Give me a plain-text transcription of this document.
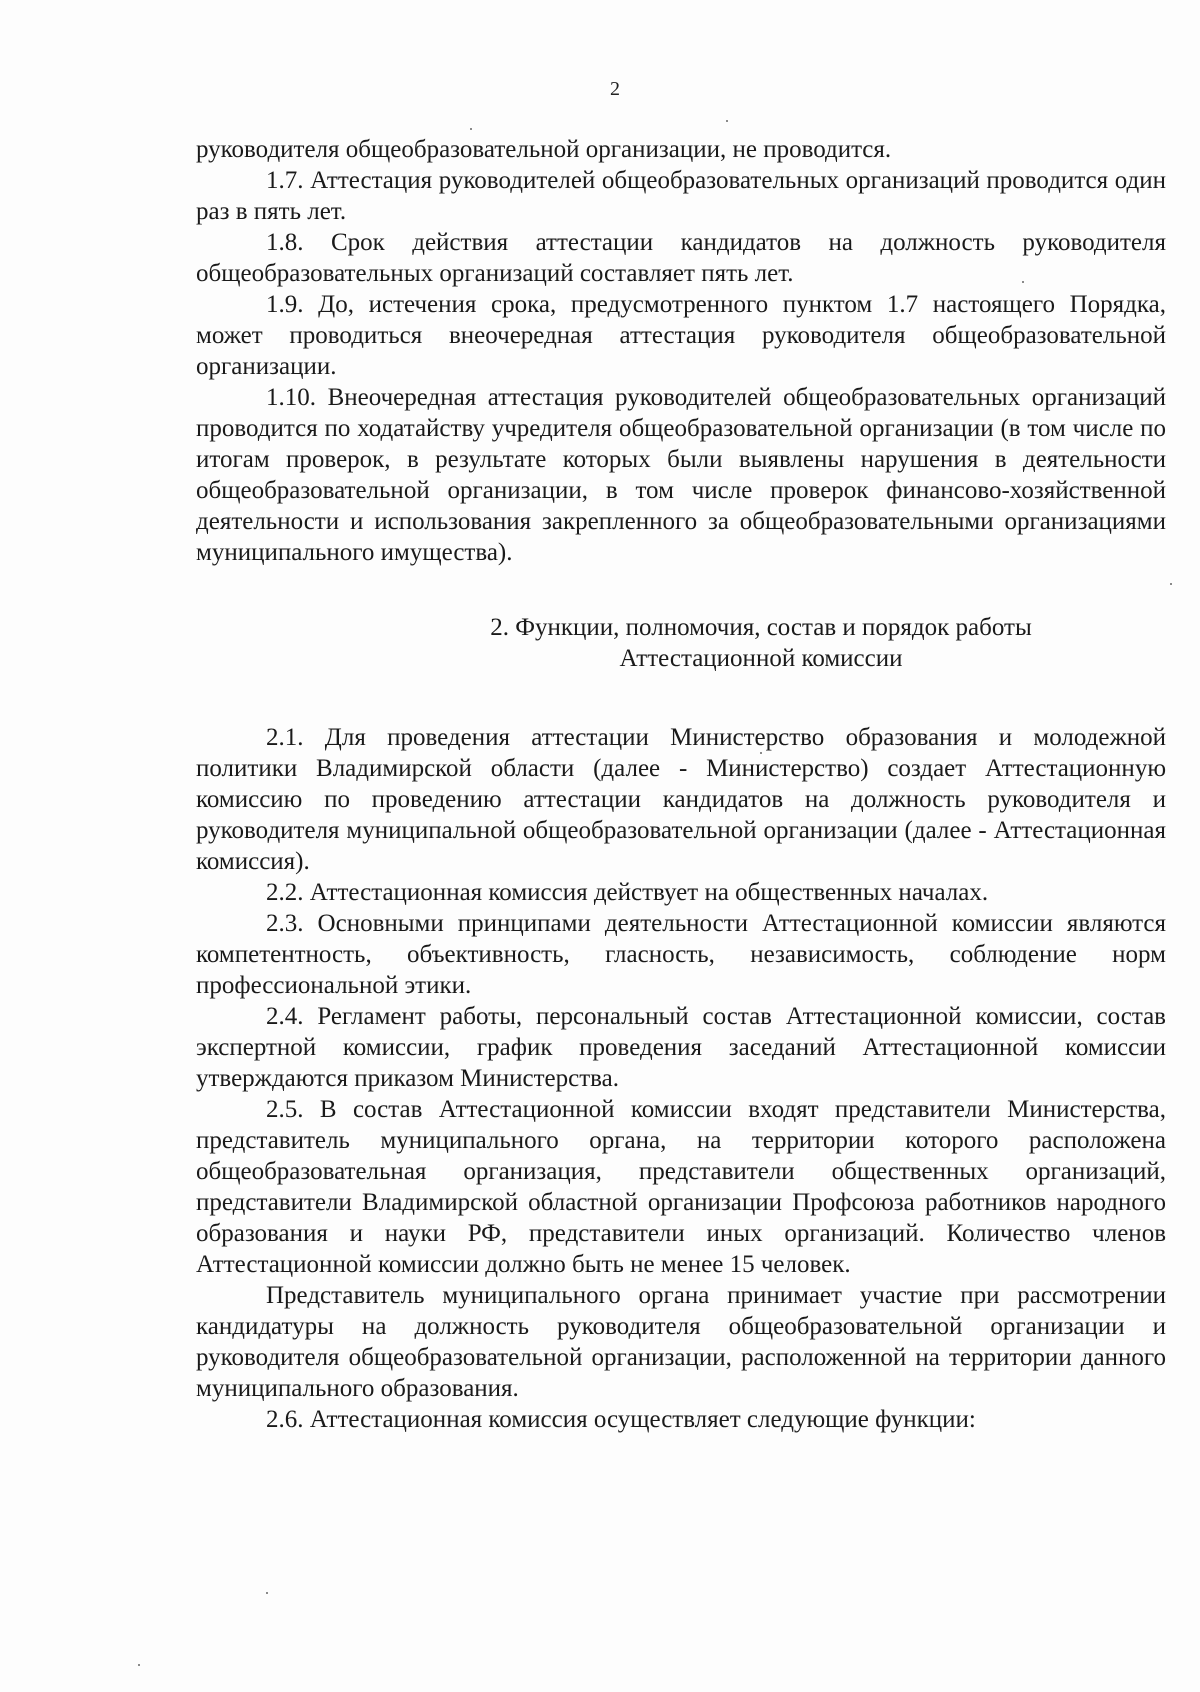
2

руководителя общеобразовательной организации, не проводится.

1.7. Аттестация руководителей общеобразовательных организаций проводится один раз в пять лет.

1.8. Срок действия аттестации кандидатов на должность руководителя общеобразовательных организаций составляет пять лет.

1.9. До, истечения срока, предусмотренного пунктом 1.7 настоящего Порядка, может проводиться внеочередная аттестация руководителя общеобразовательной организации.

1.10. Внеочередная аттестация руководителей общеобразовательных организаций проводится по ходатайству учредителя общеобразовательной организации (в том числе по итогам проверок, в результате которых были выявлены нарушения в деятельности общеобразовательной организации, в том числе проверок финансово-хозяйственной деятельности и использования закрепленного за общеобразовательными организациями муниципального имущества).

2. Функции, полномочия, состав и порядок работы
Аттестационной комиссии

2.1. Для проведения аттестации Министерство образования и молодежной политики Владимирской области (далее - Министерство) создает Аттестационную комиссию по проведению аттестации кандидатов на должность руководителя и руководителя муниципальной общеобразовательной организации (далее - Аттестационная комиссия).

2.2. Аттестационная комиссия действует на общественных началах.

2.3. Основными принципами деятельности Аттестационной комиссии являются компетентность, объективность, гласность, независимость, соблюдение норм профессиональной этики.

2.4. Регламент работы, персональный состав Аттестационной комиссии, состав экспертной комиссии, график проведения заседаний Аттестационной комиссии утверждаются приказом Министерства.

2.5. В состав Аттестационной комиссии входят представители Министерства, представитель муниципального органа, на территории которого расположена общеобразовательная организация, представители общественных организаций, представители Владимирской областной организации Профсоюза работников народного образования и науки РФ, представители иных организаций. Количество членов Аттестационной комиссии должно быть не менее 15 человек.

Представитель муниципального органа принимает участие при рассмотрении кандидатуры на должность руководителя общеобразовательной организации и руководителя общеобразовательной организации, расположенной на территории данного муниципального образования.

2.6. Аттестационная комиссия осуществляет следующие функции:
